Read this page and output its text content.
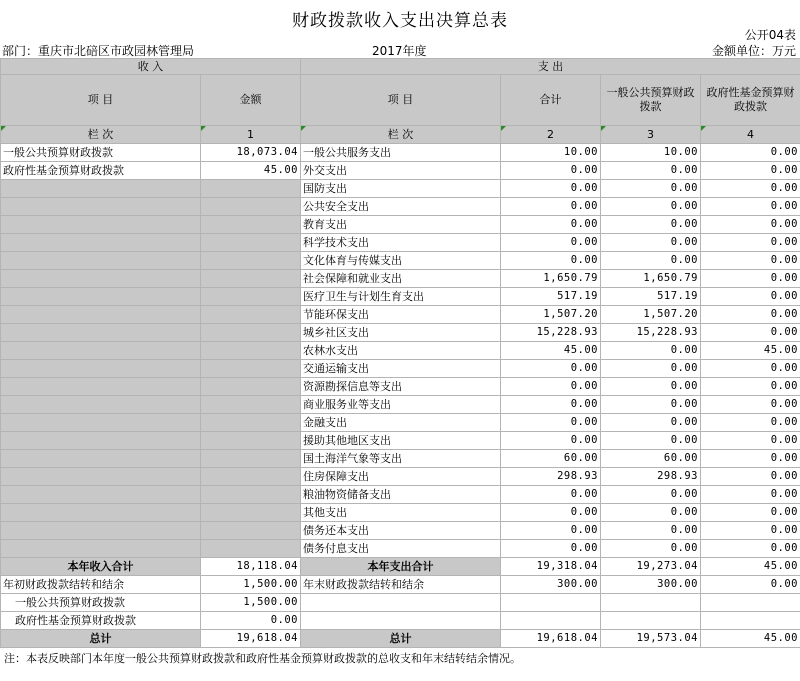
财政拨款收入支出决算总表
公开04表
部门：重庆市北碚区市政园林管理局	2017年度	金额单位：万元
收 入		支 出			
项 目	金额	项 目	合计	一般公共预算财政拨款	政府性基金预算财政拨款
栏 次	1	栏 次	2	3	4
一般公共预算财政拨款	18,073.04	一般公共服务支出	10.00	10.00	0.00
政府性基金预算财政拨款	45.00	外交支出	0.00	0.00	0.00
		国防支出	0.00	0.00	0.00
		公共安全支出	0.00	0.00	0.00
		教育支出	0.00	0.00	0.00
		科学技术支出	0.00	0.00	0.00
		文化体育与传媒支出	0.00	0.00	0.00
		社会保障和就业支出	1,650.79	1,650.79	0.00
		医疗卫生与计划生育支出	517.19	517.19	0.00
		节能环保支出	1,507.20	1,507.20	0.00
		城乡社区支出	15,228.93	15,228.93	0.00
		农林水支出	45.00	0.00	45.00
		交通运输支出	0.00	0.00	0.00
		资源勘探信息等支出	0.00	0.00	0.00
		商业服务业等支出	0.00	0.00	0.00
		金融支出	0.00	0.00	0.00
		援助其他地区支出	0.00	0.00	0.00
		国土海洋气象等支出	60.00	60.00	0.00
		住房保障支出	298.93	298.93	0.00
		粮油物资储备支出	0.00	0.00	0.00
		其他支出	0.00	0.00	0.00
		债务还本支出	0.00	0.00	0.00
		债务付息支出	0.00	0.00	0.00
本年收入合计	18,118.04	本年支出合计	19,318.04	19,273.04	45.00
年初财政拨款结转和结余	1,500.00	年末财政拨款结转和结余	300.00	300.00	0.00
一般公共预算财政拨款	1,500.00				
政府性基金预算财政拨款	0.00				
总计	19,618.04	总计	19,618.04	19,573.04	45.00
注：本表反映部门本年度一般公共预算财政拨款和政府性基金预算财政拨款的总收支和年末结转结余情况。
